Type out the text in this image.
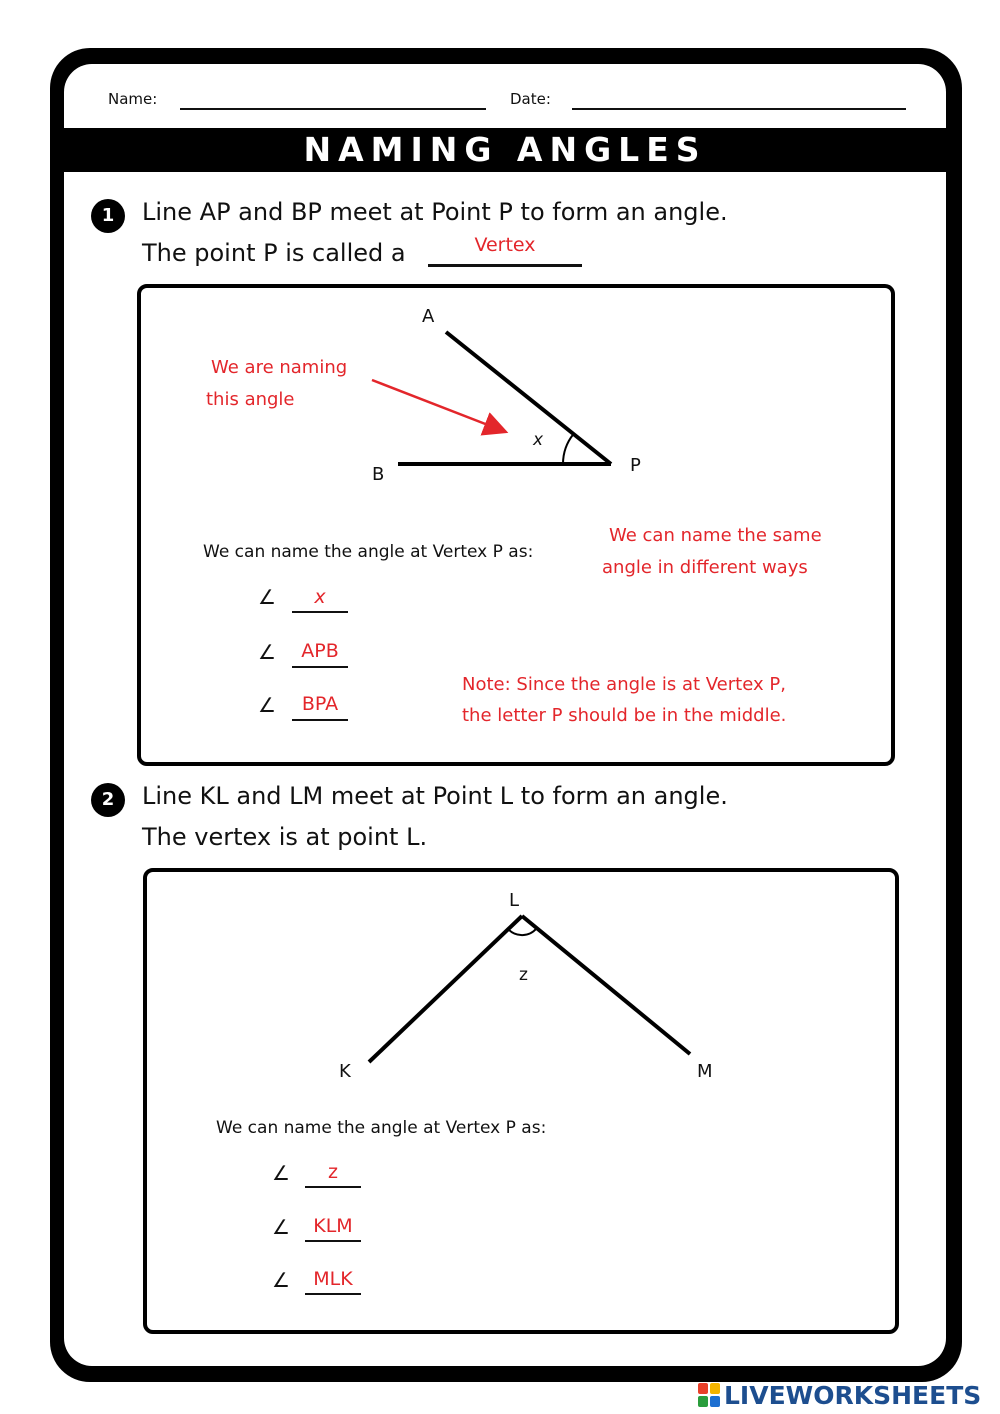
Name:	Date:
NAMING ANGLES
1	Line AP and BP meet at Point P to form an angle.
The point P is called a	Vertex
A
B	P
x
We are naming
this angle
We can name the angle at Vertex P as:
We can name the same
angle in different ways
∠	x
∠	APB
∠	BPA
Note: Since the angle is at Vertex P,
the letter P should be in the middle.
2	Line KL and LM meet at Point L to form an angle.
The vertex is at point L.
L
K	M
z
We can name the angle at Vertex P as:
∠	z
∠	KLM
∠	MLK
LIVEWORKSHEETS
